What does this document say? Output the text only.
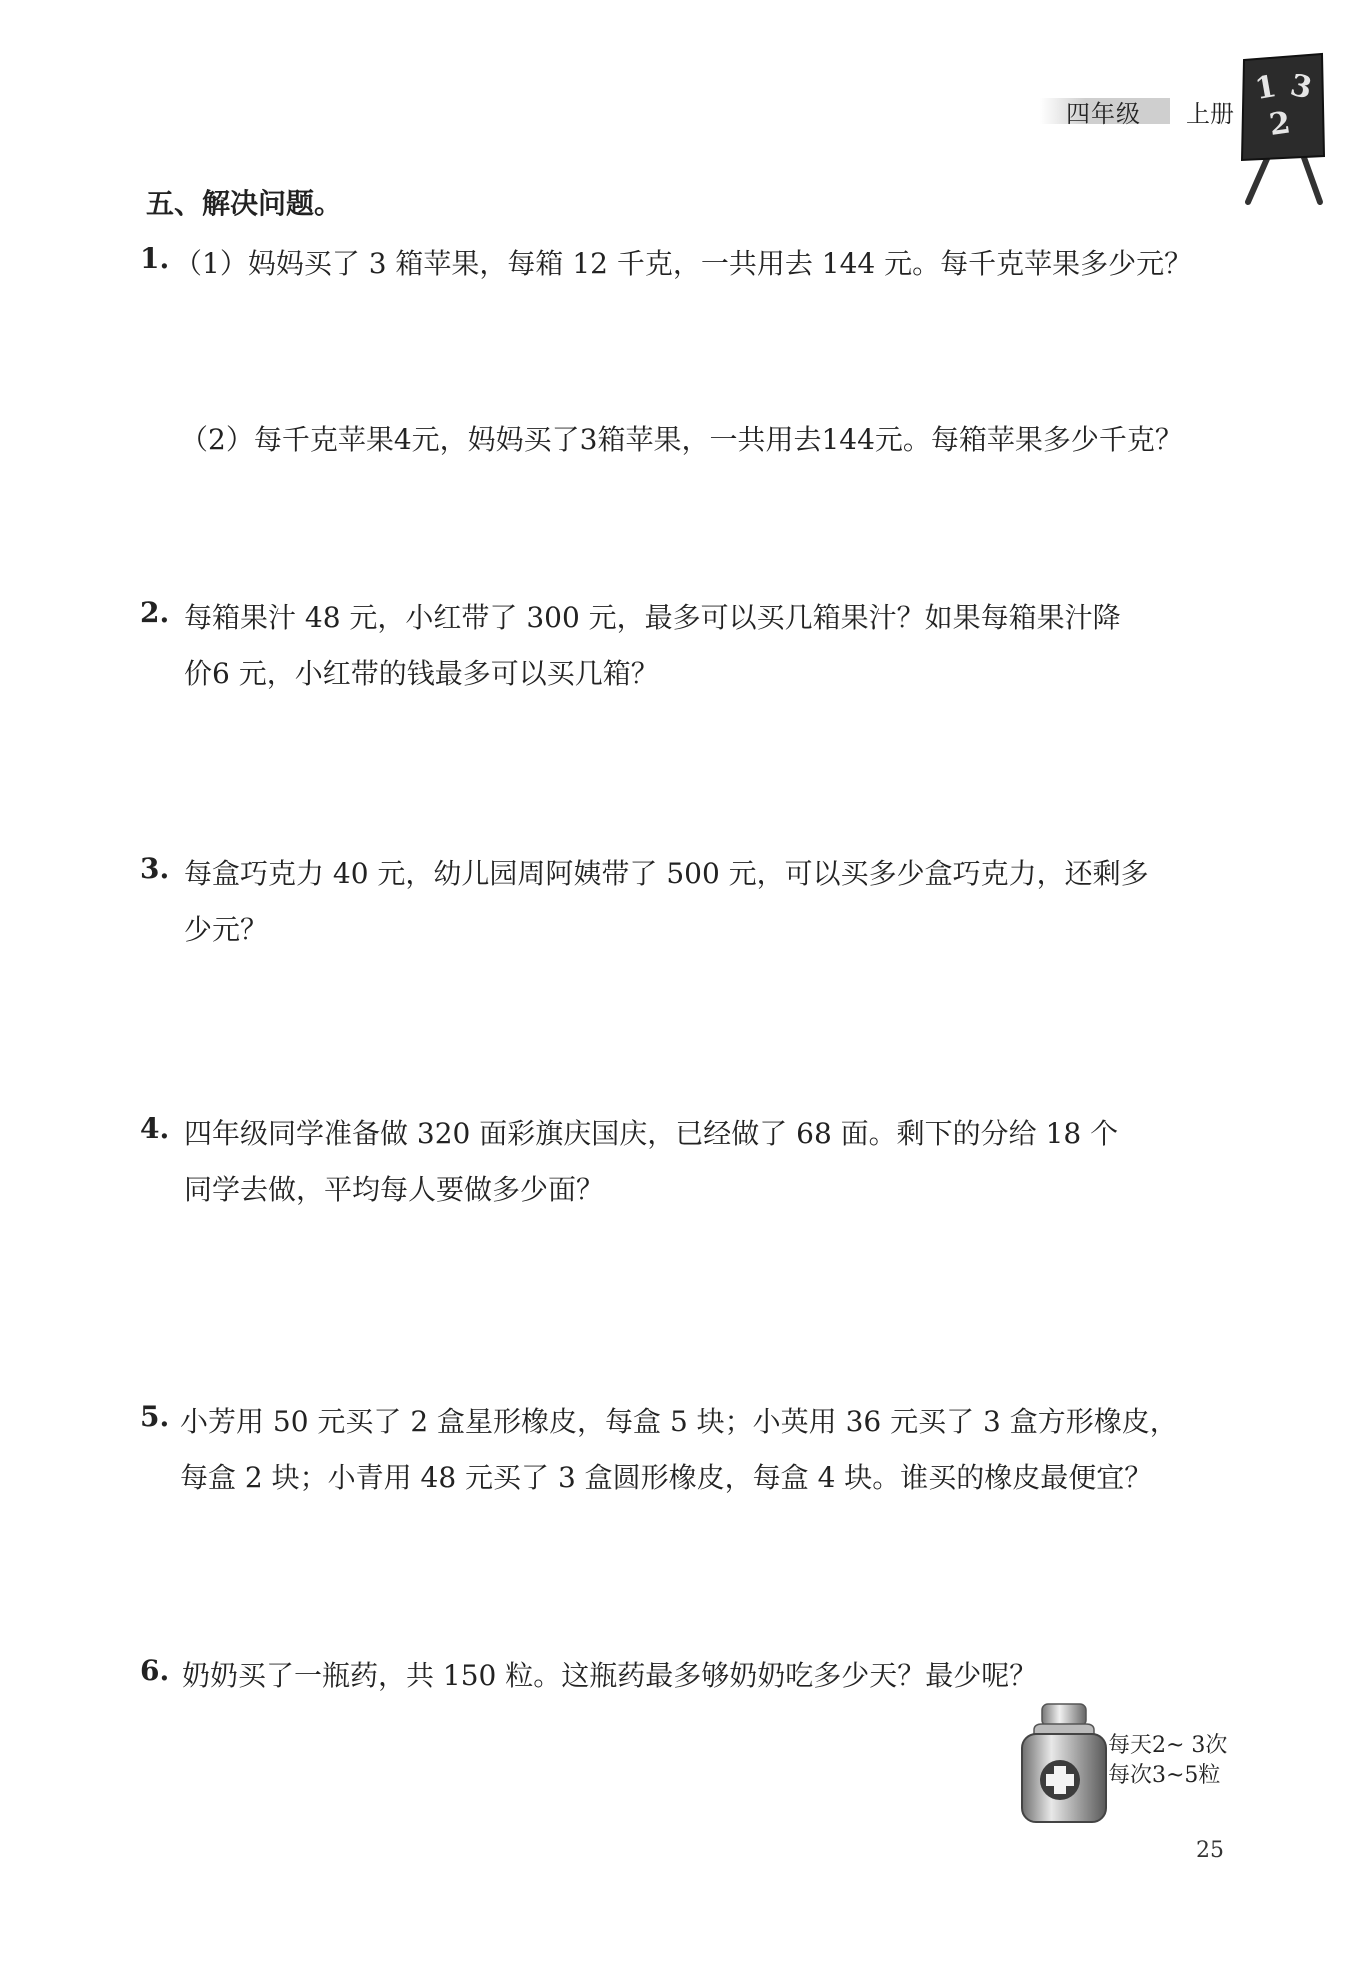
四年级 上册
1 3
2
五、解决问题。
1. （1）妈妈买了 3 箱苹果，每箱 12 千克，一共用去 144 元。每千克苹果多少元？
（2）每千克苹果4元，妈妈买了3箱苹果，一共用去144元。每箱苹果多少千克？
2. 每箱果汁 48 元，小红带了 300 元，最多可以买几箱果汁？如果每箱果汁降
价6 元，小红带的钱最多可以买几箱？
3. 每盒巧克力 40 元，幼儿园周阿姨带了 500 元，可以买多少盒巧克力，还剩多
少元？
4. 四年级同学准备做 320 面彩旗庆国庆，已经做了 68 面。剩下的分给 18 个
同学去做，平均每人要做多少面？
5. 小芳用 50 元买了 2 盒星形橡皮，每盒 5 块；小英用 36 元买了 3 盒方形橡皮，
每盒 2 块；小青用 48 元买了 3 盒圆形橡皮，每盒 4 块。谁买的橡皮最便宜？
6. 奶奶买了一瓶药，共 150 粒。这瓶药最多够奶奶吃多少天？最少呢？
每天2~ 3次
每次3~5粒
25
